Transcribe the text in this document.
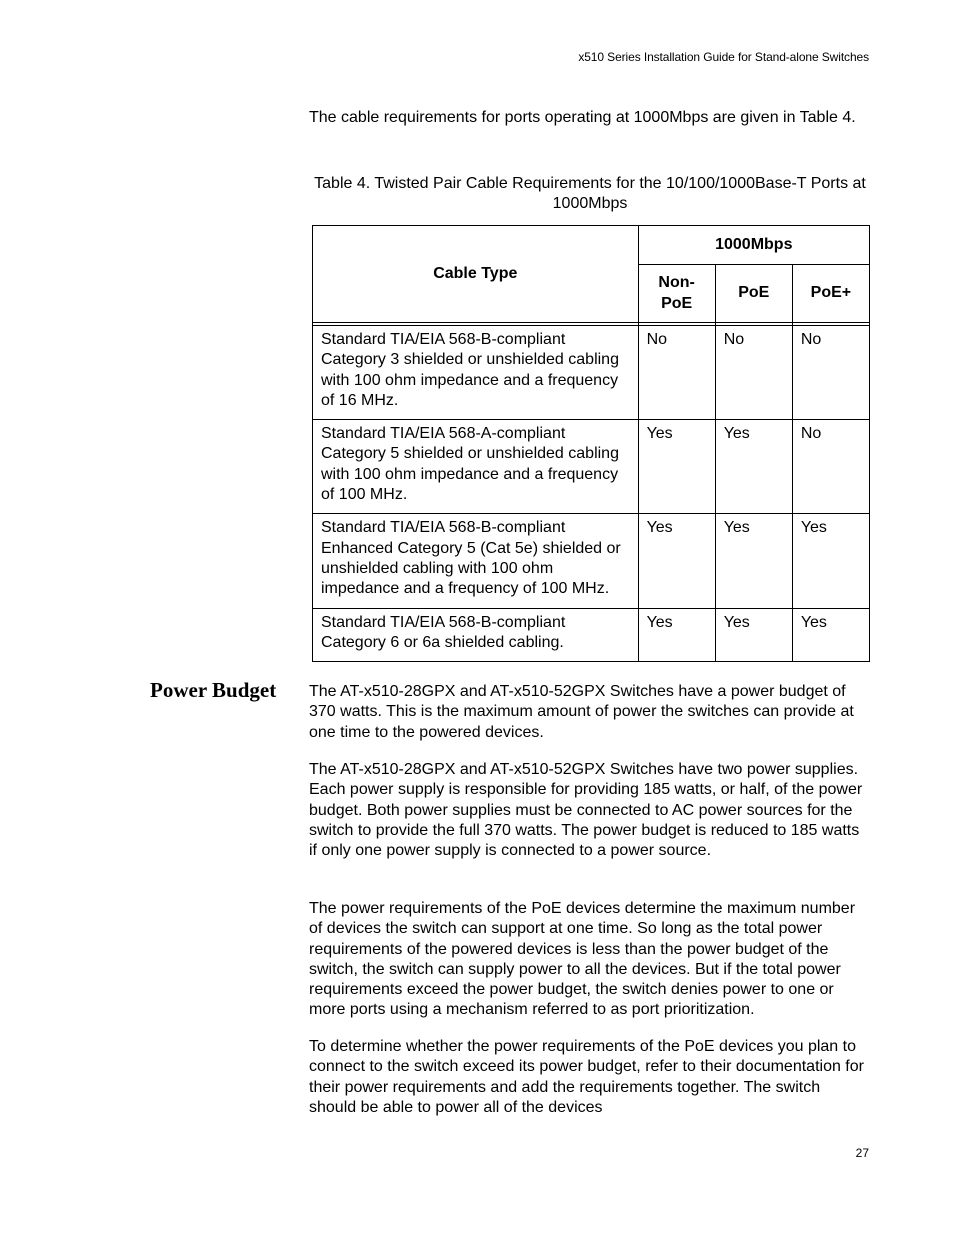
x510 Series Installation Guide for Stand-alone Switches

The cable requirements for ports operating at 1000Mbps are given in Table 4.

Table 4. Twisted Pair Cable Requirements for the 10/100/1000Base-T Ports at 1000Mbps
Cable Type	1000Mbps		
	Non-PoE	PoE	PoE+

Standard TIA/EIA 568-B-compliant Category 3 shielded or unshielded cabling with 100 ohm impedance and a frequency of 16 MHz.	No	No	No
Standard TIA/EIA 568-A-compliant Category 5 shielded or unshielded cabling with 100 ohm impedance and a frequency of 100 MHz.	Yes	Yes	No
Standard TIA/EIA 568-B-compliant Enhanced Category 5 (Cat 5e) shielded or unshielded cabling with 100 ohm impedance and a frequency of 100 MHz.	Yes	Yes	Yes
Standard TIA/EIA 568-B-compliant Category 6 or 6a shielded cabling.	Yes	Yes	Yes
Power Budget The AT-x510-28GPX and AT-x510-52GPX Switches have a power budget of 370 watts. This is the maximum amount of power the switches can provide at one time to the powered devices.

The AT-x510-28GPX and AT-x510-52GPX Switches have two power supplies. Each power supply is responsible for providing 185 watts, or half, of the power budget. Both power supplies must be connected to AC power sources for the switch to provide the full 370 watts. The power budget is reduced to 185 watts if only one power supply is connected to a power source.

The power requirements of the PoE devices determine the maximum number of devices the switch can support at one time. So long as the total power requirements of the powered devices is less than the power budget of the switch, the switch can supply power to all the devices. But if the total power requirements exceed the power budget, the switch denies power to one or more ports using a mechanism referred to as port prioritization.

To determine whether the power requirements of the PoE devices you plan to connect to the switch exceed its power budget, refer to their documentation for their power requirements and add the requirements together. The switch should be able to power all of the devices

27
